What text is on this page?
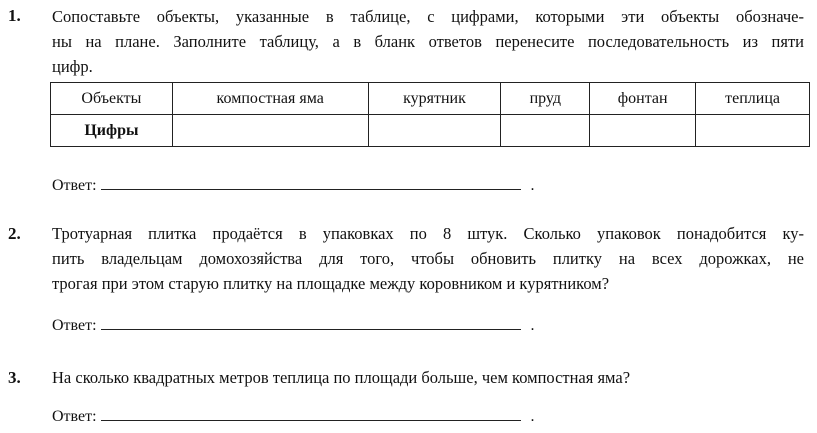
1. Сопоставьте объекты, указанные в таблице, с цифрами, которыми эти объекты обозначе-
ны на плане. Заполните таблицу, а в бланк ответов перенесите последовательность из пяти
цифр.
Объекты	компостная яма	курятник	пруд	фонтан	теплица
Цифры					
Ответ:	.
2. Тротуарная плитка продаётся в упаковках по 8 штук. Сколько упаковок понадобится ку-
пить владельцам домохозяйства для того, чтобы обновить плитку на всех дорожках, не
трогая при этом старую плитку на площадке между коровником и курятником?
Ответ:	.
3. На сколько квадратных метров теплица по площади больше, чем компостная яма?
Ответ:	.
